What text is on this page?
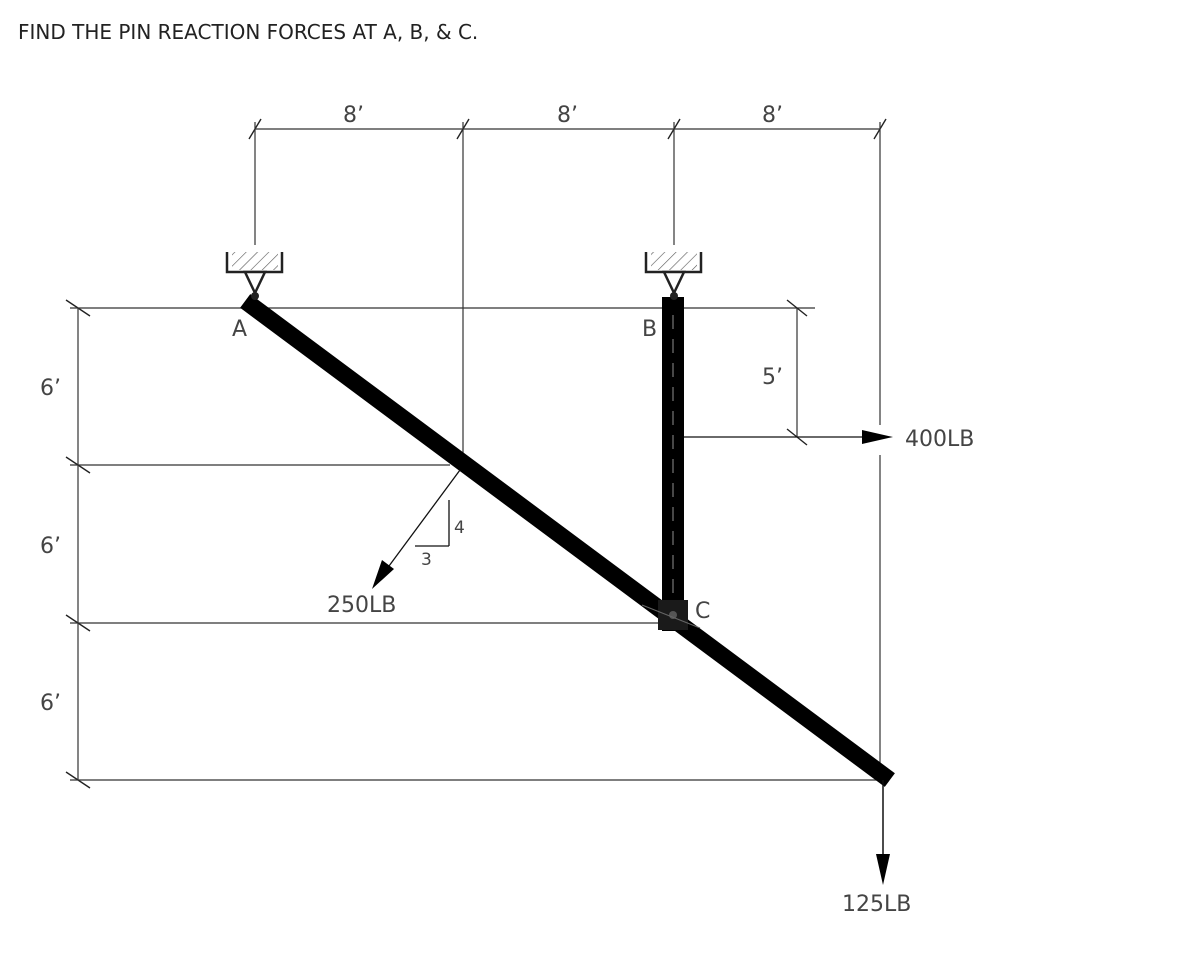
FIND THE PIN REACTION FORCES AT A, B, & C.
8’	8’	8’
6’
6’
6’
5’
A	B
C
4
3
250LB
400LB
125LB
